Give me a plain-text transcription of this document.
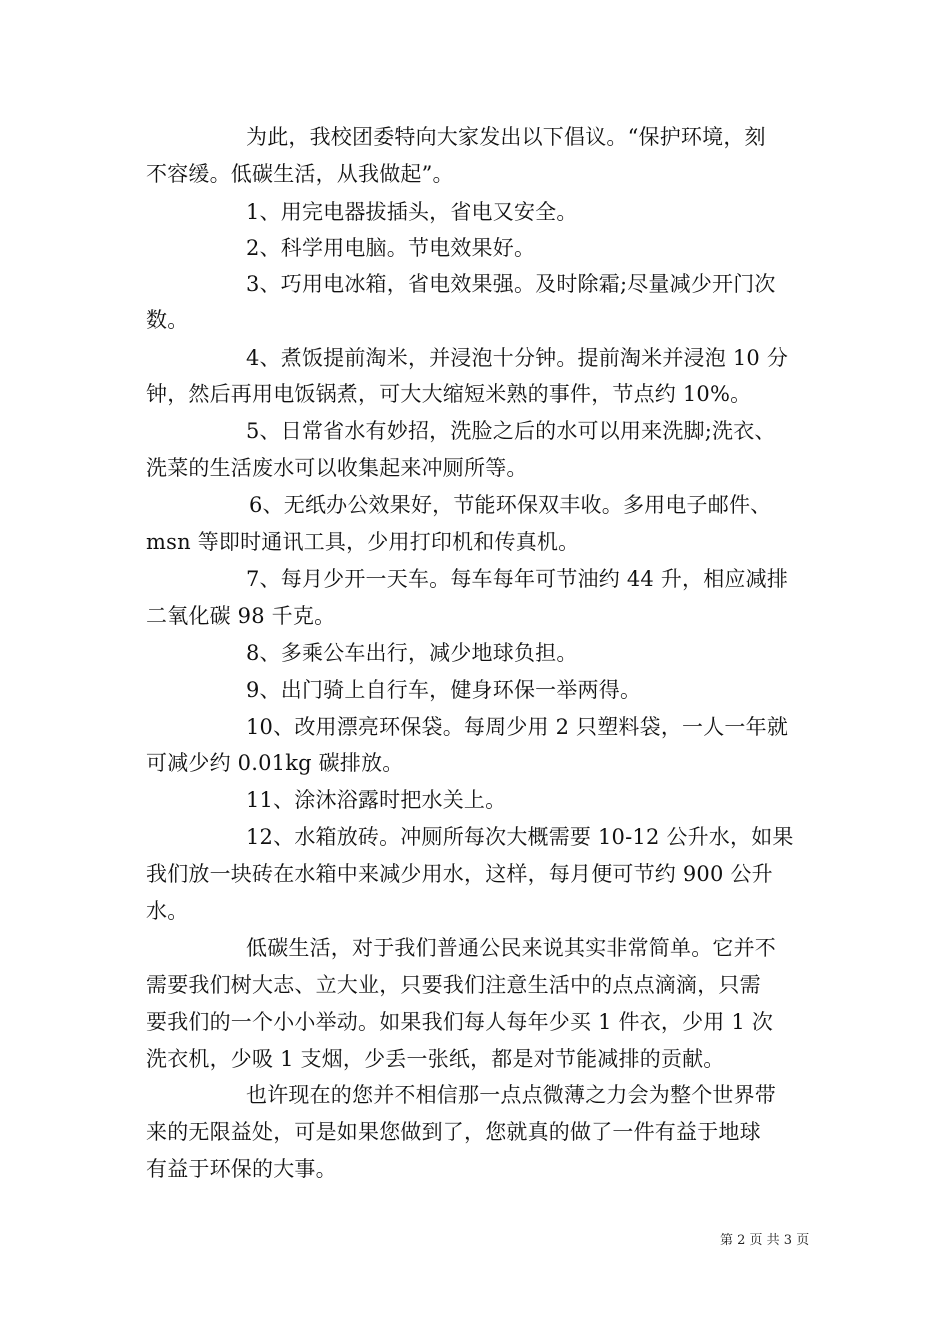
为此，我校团委特向大家发出以下倡议。“保护环境，刻
不容缓。低碳生活，从我做起”。
1、用完电器拔插头，省电又安全。
2、科学用电脑。节电效果好。
3、巧用电冰箱，省电效果强。及时除霜;尽量减少开门次
数。
4、煮饭提前淘米，并浸泡十分钟。提前淘米并浸泡 10 分
钟，然后再用电饭锅煮，可大大缩短米熟的事件，节点约 10%。
5、日常省水有妙招，洗脸之后的水可以用来洗脚;洗衣、
洗菜的生活废水可以收集起来冲厕所等。
6、无纸办公效果好，节能环保双丰收。多用电子邮件、
msn 等即时通讯工具，少用打印机和传真机。
7、每月少开一天车。每车每年可节油约 44 升，相应减排
二氧化碳 98 千克。
8、多乘公车出行，减少地球负担。
9、出门骑上自行车，健身环保一举两得。
10、改用漂亮环保袋。每周少用 2 只塑料袋，一人一年就
可减少约 0.01kg 碳排放。
11、涂沐浴露时把水关上。
12、水箱放砖。冲厕所每次大概需要 10-12 公升水，如果
我们放一块砖在水箱中来减少用水，这样，每月便可节约 900 公升
水。
低碳生活，对于我们普通公民来说其实非常简单。它并不
需要我们树大志、立大业，只要我们注意生活中的点点滴滴，只需
要我们的一个小小举动。如果我们每人每年少买 1 件衣，少用 1 次
洗衣机，少吸 1 支烟，少丢一张纸，都是对节能减排的贡献。
也许现在的您并不相信那一点点微薄之力会为整个世界带
来的无限益处，可是如果您做到了，您就真的做了一件有益于地球
有益于环保的大事。
第 2 页 共 3 页
